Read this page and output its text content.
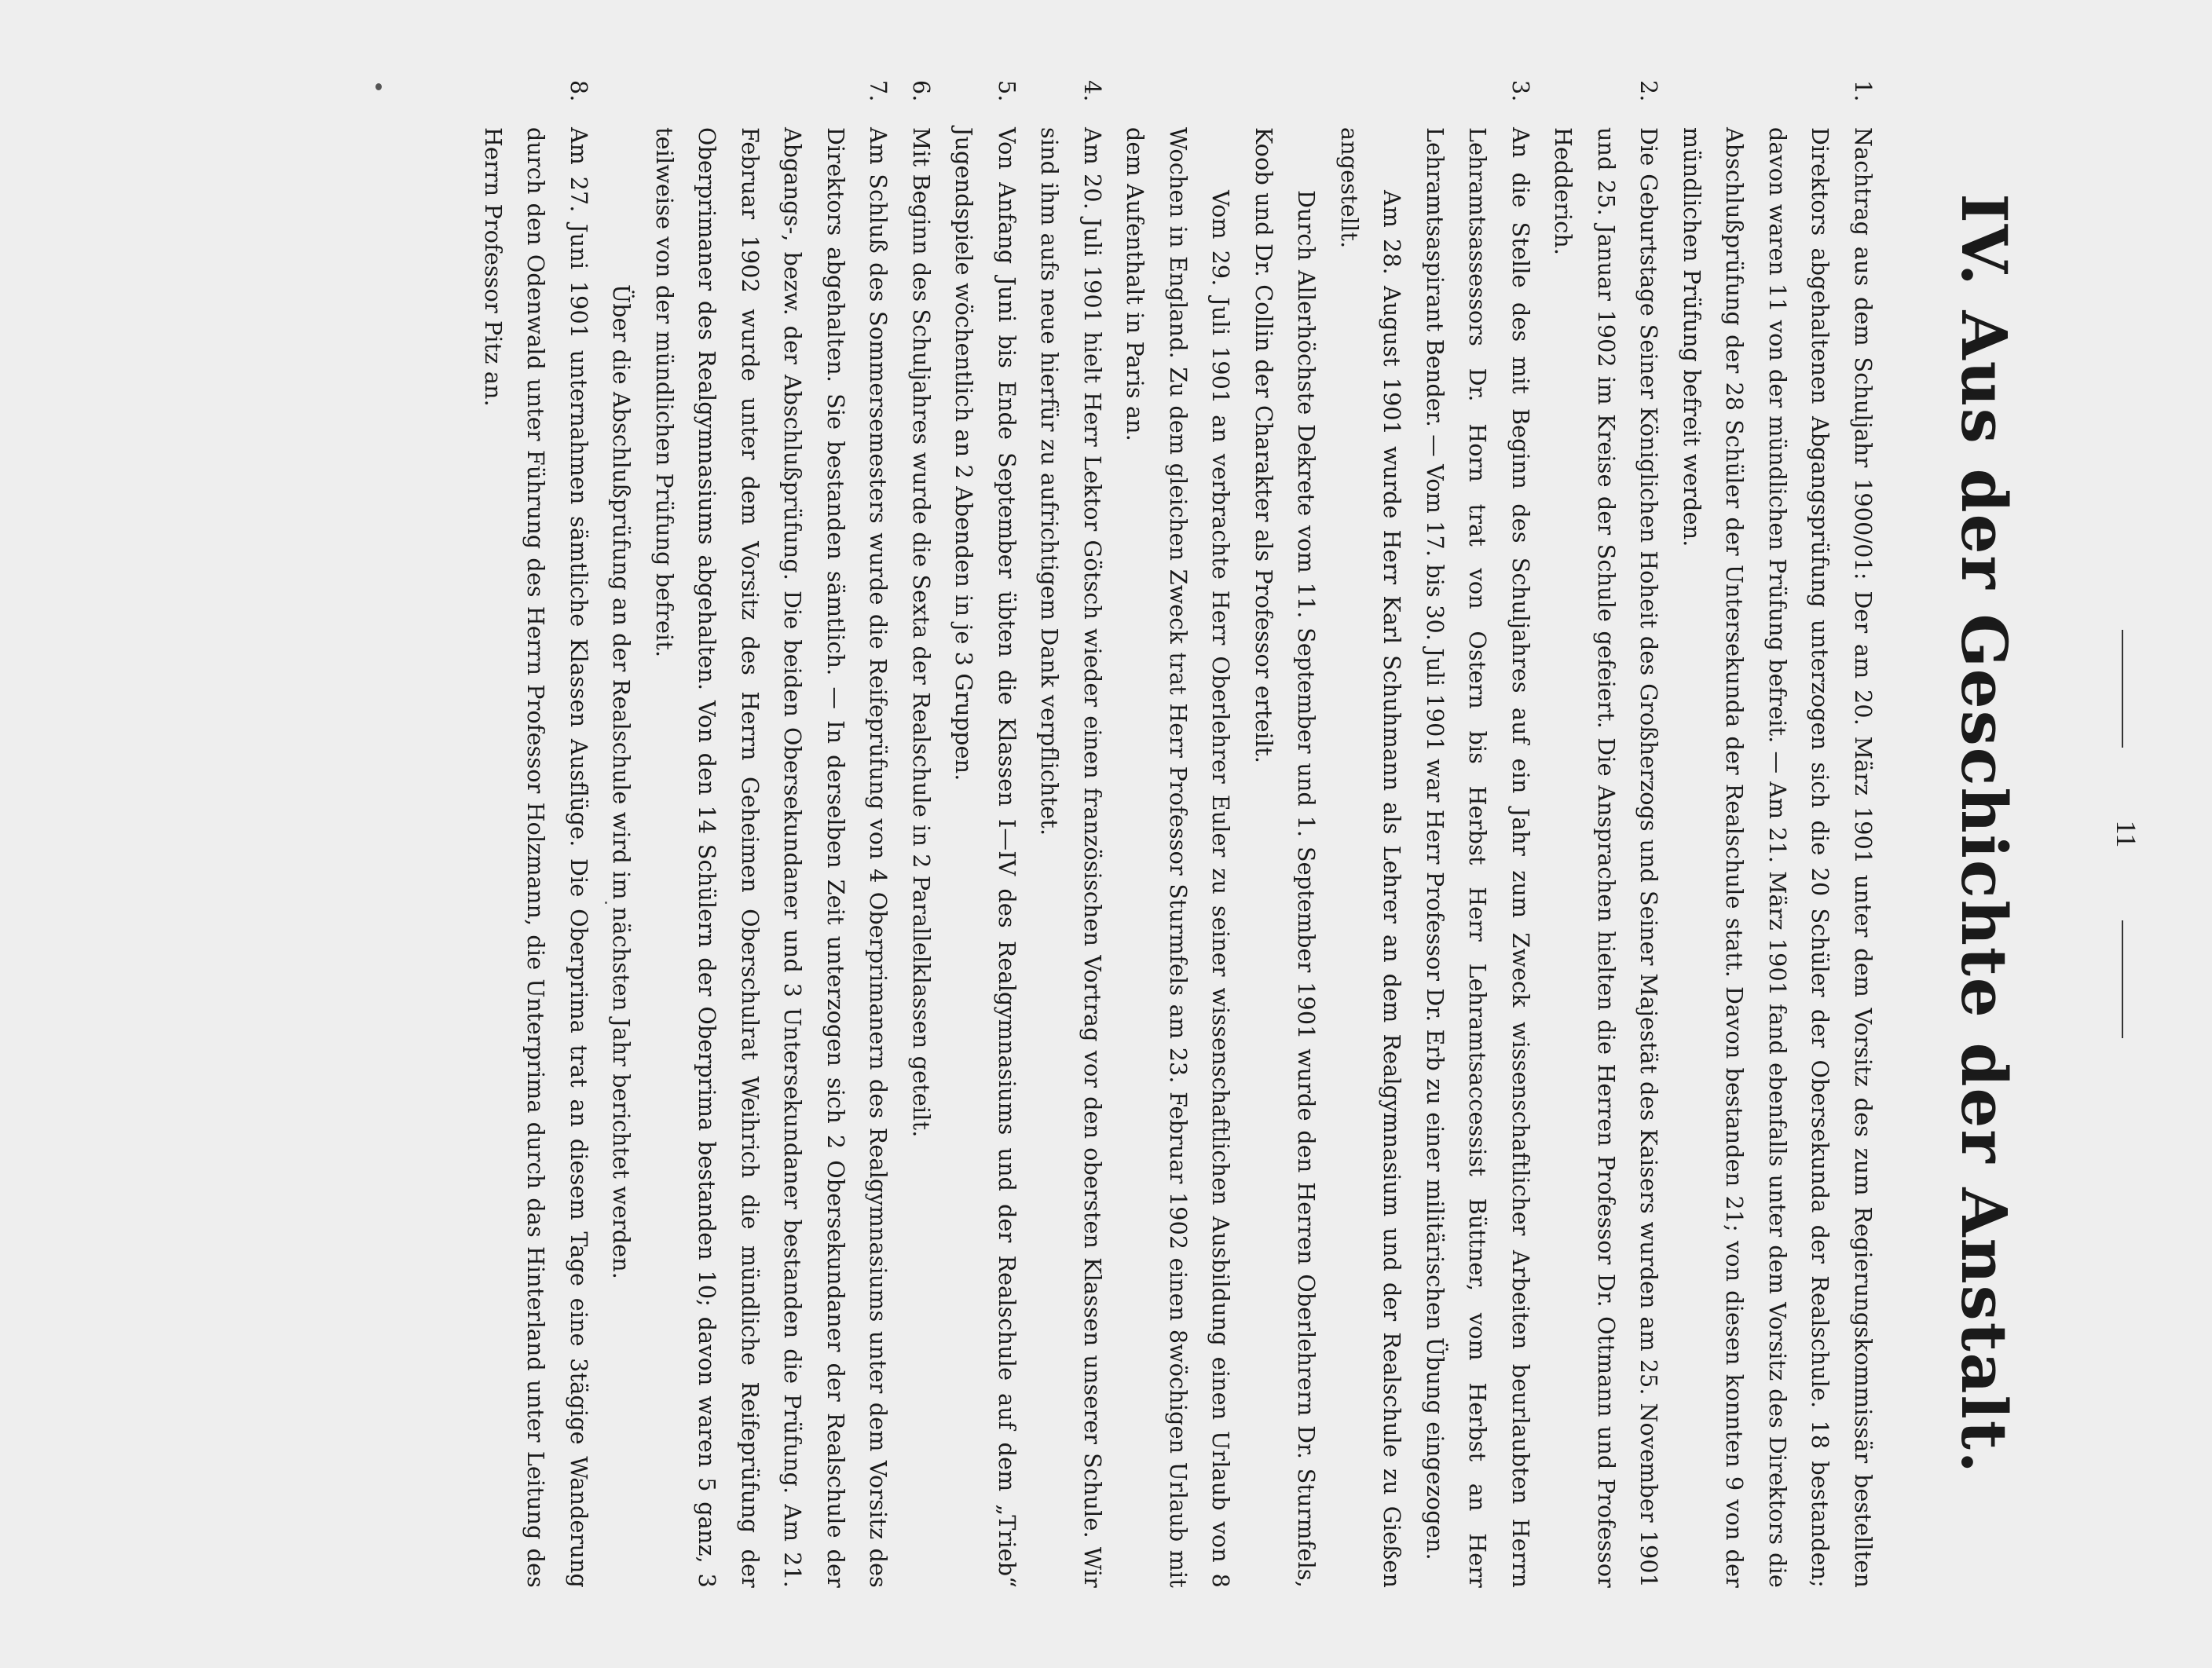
11
IV. Aus der Geschichte der Anstalt.

1.
Nachtrag aus dem Schuljahr 1900/01: Der am 20. März 1901 unter dem Vorsitz des zum Regierungskommissär bestellten Direktors abgehaltenen Abgangsprüfung unterzogen sich die 20 Schüler der Obersekunda der Realschule. 18 bestanden; davon waren 11 von der mündlichen Prüfung befreit. — Am 21. März 1901 fand ebenfalls unter dem Vorsitz des Direktors die Abschlußprüfung der 28 Schüler der Untersekunda der Realschule statt. Davon bestanden 21; von diesen konnten 9 von der mündlichen Prüfung befreit werden.

2.
Die Geburtstage Seiner Königlichen Hoheit des Großherzogs und Seiner Majestät des Kaisers wurden am 25. November 1901 und 25. Januar 1902 im Kreise der Schule gefeiert. Die Ansprachen hielten die Herren Professor Dr. Ottmann und Professor Hedderich.

3.
An die Stelle des mit Beginn des Schuljahres auf ein Jahr zum Zweck wissenschaftlicher Arbeiten beurlaubten Herrn Lehramtsassessors Dr. Horn trat von Ostern bis Herbst Herr Lehramtsaccessist Büttner, vom Herbst an Herr Lehramtsaspirant Bender. — Vom 17. bis 30. Juli 1901 war Herr Professor Dr. Erb zu einer militärischen Übung eingezogen.

Am 28. August 1901 wurde Herr Karl Schuhmann als Lehrer an dem Realgymnasium und der Realschule zu Gießen angestellt.

Durch Allerhöchste Dekrete vom 11. September und 1. September 1901 wurde den Herren Oberlehrern Dr. Sturmfels, Koob und Dr. Collin der Charakter als Professor erteilt.

Vom 29. Juli 1901 an verbrachte Herr Oberlehrer Euler zu seiner wissenschaftlichen Ausbildung einen Urlaub von 8 Wochen in England. Zu dem gleichen Zweck trat Herr Professor Sturmfels am 23. Februar 1902 einen 8wöchigen Urlaub mit dem Aufenthalt in Paris an.

4.
Am 20. Juli 1901 hielt Herr Lektor Götsch wieder einen französischen Vortrag vor den obersten Klassen unserer Schule. Wir sind ihm aufs neue hierfür zu aufrichtigem Dank verpflichtet.

5.
Von Anfang Juni bis Ende September übten die Klassen I—IV des Realgymnasiums und der Realschule auf dem „Trieb“ Jugendspiele wöchentlich an 2 Abenden in je 3 Gruppen.

6.
Mit Beginn des Schuljahres wurde die Sexta der Realschule in 2 Parallelklassen geteilt.

7.
Am Schluß des Sommersemesters wurde die Reifeprüfung von 4 Oberprimanern des Realgymnasiums unter dem Vorsitz des Direktors abgehalten. Sie bestanden sämtlich. — In derselben Zeit unterzogen sich 2 Obersekundaner der Realschule der Abgangs-, bezw. der Abschlußprüfung. Die beiden Obersekundaner und 3 Untersekundaner bestanden die Prüfung. Am 21. Februar 1902 wurde unter dem Vorsitz des Herrn Geheimen Oberschulrat Weihrich die mündliche Reifeprüfung der Oberprimaner des Realgymnasiums abgehalten. Von den 14 Schülern der Oberprima bestanden 10; davon waren 5 ganz, 3 teilweise von der mündlichen Prüfung befreit.

Über die Abschlußprüfung an der Realschule wird im nächsten Jahr berichtet werden.

8.
Am 27. Juni 1901 unternahmen sämtliche Klassen Ausflüge. Die Oberprima trat an diesem Tage eine 3tägige Wanderung durch den Odenwald unter Führung des Herrn Professor Holzmann, die Unterprima durch das Hinterland unter Leitung des Herrn Professor Pitz an.
